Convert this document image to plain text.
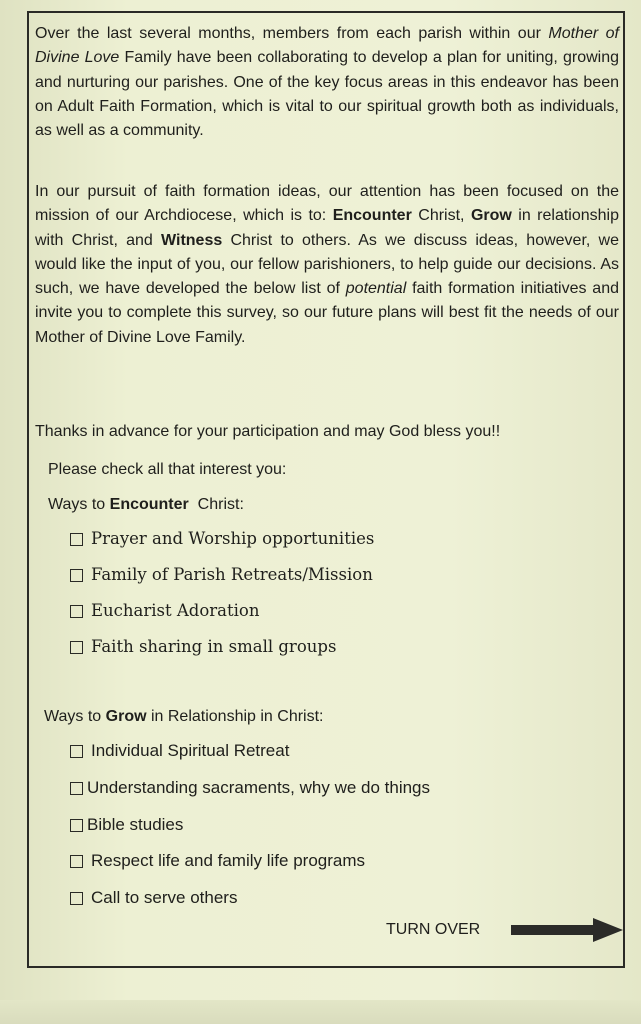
Over the last several months, members from each parish within our Mother of Divine Love Family have been collaborating to develop a plan for uniting, growing and nurturing our parishes. One of the key focus areas in this endeavor has been on Adult Faith Formation, which is vital to our spiritual growth both as individuals, as well as a community.

In our pursuit of faith formation ideas, our attention has been focused on the mission of our Archdiocese, which is to: Encounter Christ, Grow in relationship with Christ, and Witness Christ to others. As we discuss ideas, however, we would like the input of you, our fellow parishioners, to help guide our decisions. As such, we have developed the below list of potential faith formation initiatives and invite you to complete this survey, so our future plans will best fit the needs of our Mother of Divine Love Family.

Thanks in advance for your participation and may God bless you!!

Please check all that interest you:
Ways to Encounter  Christ:
Prayer and Worship opportunities
Family of Parish Retreats/Mission
Eucharist Adoration
Faith sharing in small groups
Ways to Grow in Relationship in Christ:
Individual Spiritual Retreat
Understanding sacraments, why we do things
Bible studies
Respect life and family life programs
Call to serve others
TURN OVER
